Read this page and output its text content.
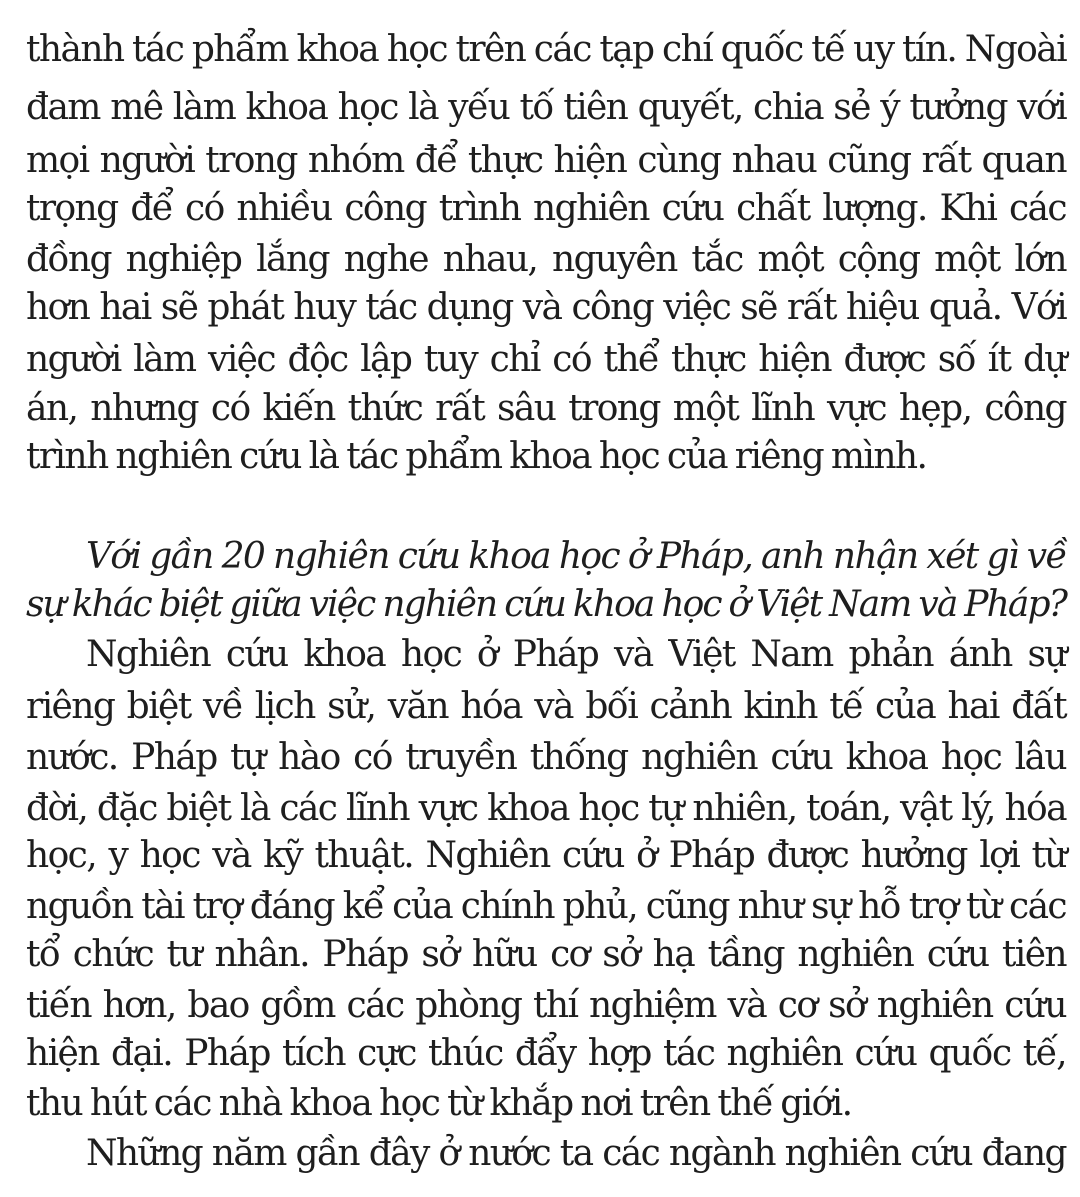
thành tác phẩm khoa học trên các tạp chí quốc tế uy tín. Ngoài
đam mê làm khoa học là yếu tố tiên quyết, chia sẻ ý tưởng với
mọi người trong nhóm để thực hiện cùng nhau cũng rất quan
trọng để có nhiều công trình nghiên cứu chất lượng. Khi các
đồng nghiệp lắng nghe nhau, nguyên tắc một cộng một lớn
hơn hai sẽ phát huy tác dụng và công việc sẽ rất hiệu quả. Với
người làm việc độc lập tuy chỉ có thể thực hiện được số ít dự
án, nhưng có kiến thức rất sâu trong một lĩnh vực hẹp, công
trình nghiên cứu là tác phẩm khoa học của riêng mình.
Với gần 20 nghiên cứu khoa học ở Pháp, anh nhận xét gì về
sự khác biệt giữa việc nghiên cứu khoa học ở Việt Nam và Pháp?
Nghiên cứu khoa học ở Pháp và Việt Nam phản ánh sự
riêng biệt về lịch sử, văn hóa và bối cảnh kinh tế của hai đất
nước. Pháp tự hào có truyền thống nghiên cứu khoa học lâu
đời, đặc biệt là các lĩnh vực khoa học tự nhiên, toán, vật lý, hóa
học, y học và kỹ thuật. Nghiên cứu ở Pháp được hưởng lợi từ
nguồn tài trợ đáng kể của chính phủ, cũng như sự hỗ trợ từ các
tổ chức tư nhân. Pháp sở hữu cơ sở hạ tầng nghiên cứu tiên
tiến hơn, bao gồm các phòng thí nghiệm và cơ sở nghiên cứu
hiện đại. Pháp tích cực thúc đẩy hợp tác nghiên cứu quốc tế,
thu hút các nhà khoa học từ khắp nơi trên thế giới.
Những năm gần đây ở nước ta các ngành nghiên cứu đang
